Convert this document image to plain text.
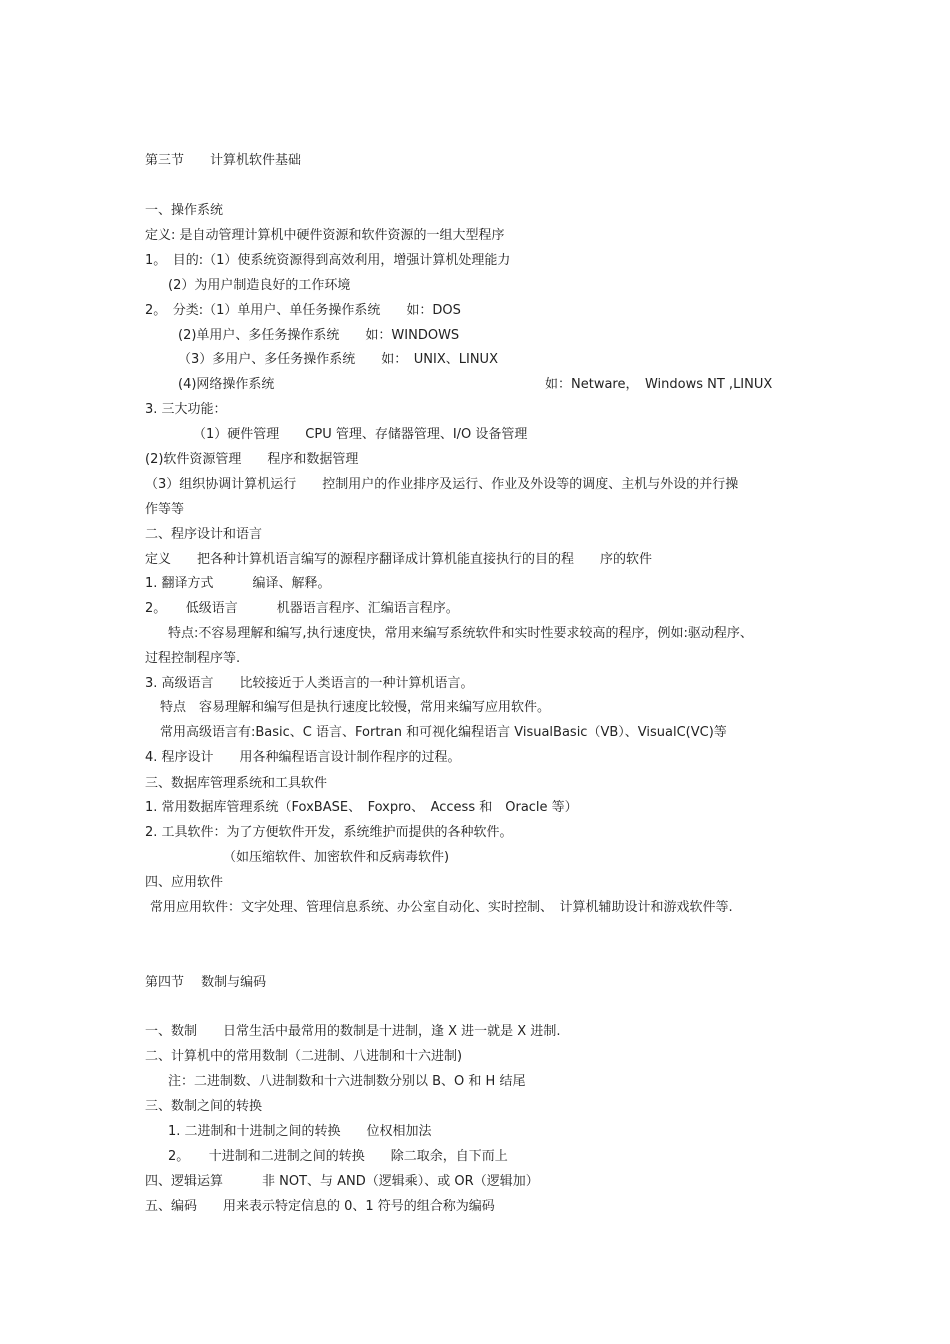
第三节　　计算机软件基础
一、操作系统
定义: 是自动管理计算机中硬件资源和软件资源的一组大型程序
1。　目的:（1）使系统资源得到高效利用，增强计算机处理能力
(2）为用户制造良好的工作环境
2。　分类:（1）单用户、单任务操作系统　　如：DOS
(2)单用户、多任务操作系统　　如：WINDOWS
（3）多用户、多任务操作系统　　如：　UNIX、LINUX
(4)网络操作系统	如：Netware，　Windows NT ,LINUX
3. 三大功能：
（1）硬件管理　　CPU 管理、存储器管理、I/O 设备管理
(2)软件资源管理　　程序和数据管理
（3）组织协调计算机运行　　控制用户的作业排序及运行、作业及外设等的调度、主机与外设的并行操
作等等
二、程序设计和语言
定义　　把各种计算机语言编写的源程序翻译成计算机能直接执行的目的程　　序的软件
1. 翻译方式　　　编译、解释。
2。　　低级语言　　　机器语言程序、汇编语言程序。
特点:不容易理解和编写,执行速度快，常用来编写系统软件和实时性要求较高的程序，例如:驱动程序、
过程控制程序等.
3. 高级语言　　比较接近于人类语言的一种计算机语言。
特点　容易理解和编写但是执行速度比较慢，常用来编写应用软件。
常用高级语言有:Basic、C 语言、Fortran 和可视化编程语言 VisualBasic（VB）、VisualC(VC)等
4. 程序设计　　用各种编程语言设计制作程序的过程。
三、数据库管理系统和工具软件
1. 常用数据库管理系统（FoxBASE、　Foxpro、　Access 和　Oracle 等）
2. 工具软件：为了方便软件开发，系统维护而提供的各种软件。
（如压缩软件、加密软件和反病毒软件)
四、应用软件
常用应用软件：文字处理、管理信息系统、办公室自动化、实时控制、　计算机辅助设计和游戏软件等.
第四节　 数制与编码
一、数制　　日常生活中最常用的数制是十进制，逢 X 进一就是 X 进制.
二、计算机中的常用数制（二进制、八进制和十六进制)
注：二进制数、八进制数和十六进制数分别以 B、O 和 H 结尾
三、数制之间的转换
1. 二进制和十进制之间的转换　　位权相加法
2。　　十进制和二进制之间的转换　　除二取余，自下而上
四、逻辑运算　　　非 NOT、与 AND（逻辑乘）、或 OR（逻辑加）
五、编码　　用来表示特定信息的 0、1 符号的组合称为编码
